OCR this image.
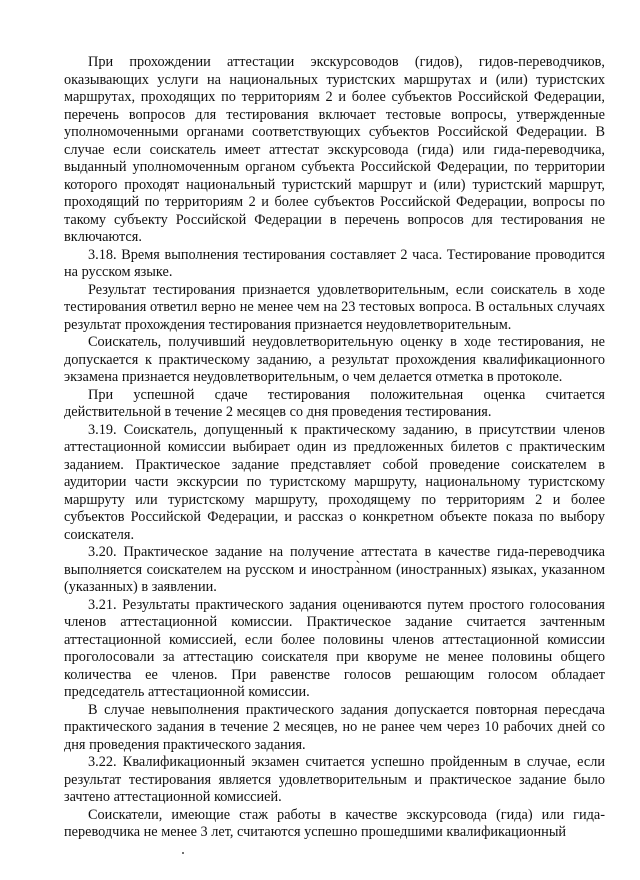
При прохождении аттестации экскурсоводов (гидов), гидов-переводчиков, оказывающих услуги на национальных туристских маршрутах и (или) туристских маршрутах, проходящих по территориям 2 и более субъектов Российской Федерации, перечень вопросов для тестирования включает тестовые вопросы, утвержденные уполномоченными органами соответствующих субъектов Российской Федерации. В случае если соискатель имеет аттестат экскурсовода (гида) или гида-переводчика, выданный уполномоченным органом субъекта Российской Федерации, по территории которого проходят национальный туристский маршрут и (или) туристский маршрут, проходящий по территориям 2 и более субъектов Российской Федерации, вопросы по такому субъекту Российской Федерации в перечень вопросов для тестирования не включаются.

3.18. Время выполнения тестирования составляет 2 часа. Тестирование проводится на русском языке.

Результат тестирования признается удовлетворительным, если соискатель в ходе тестирования ответил верно не менее чем на 23 тестовых вопроса. В остальных случаях результат прохождения тестирования признается неудовлетворительным.

Соискатель, получивший неудовлетворительную оценку в ходе тестирования, не допускается к практическому заданию, а результат прохождения квалификационного экзамена признается неудовлетворительным, о чем делается отметка в протоколе.

При успешной сдаче тестирования положительная оценка считается действительной в течение 2 месяцев со дня проведения тестирования.

3.19. Соискатель, допущенный к практическому заданию, в присутствии членов аттестационной комиссии выбирает один из предложенных билетов с практическим заданием. Практическое задание представляет собой проведение соискателем в аудитории части экскурсии по туристскому маршруту, национальному туристскому маршруту или туристскому маршруту, проходящему по территориям 2 и более субъектов Российской Федерации, и рассказ о конкретном объекте показа по выбору соискателя.

3.20. Практическое задание на получение аттестата в качестве гида-переводчика выполняется соискателем на русском и иностра̀нном (иностранных) языках, указанном (указанных) в заявлении.

3.21. Результаты практического задания оцениваются путем простого голосования членов аттестационной комиссии. Практическое задание считается зачтенным аттестационной комиссией, если более половины членов аттестационной комиссии проголосовали за аттестацию соискателя при кворуме не менее половины общего количества ее членов. При равенстве голосов решающим голосом обладает председатель аттестационной комиссии.

В случае невыполнения практического задания допускается повторная пересдача практического задания в течение 2 месяцев, но не ранее чем через 10 рабочих дней со дня проведения практического задания.

3.22. Квалификационный экзамен считается успешно пройденным в случае, если результат тестирования является удовлетворительным и практическое задание было зачтено аттестационной комиссией.

Соискатели, имеющие стаж работы в качестве экскурсовода (гида) или гида-переводчика не менее 3 лет, считаются успешно прошедшими квалификационный
